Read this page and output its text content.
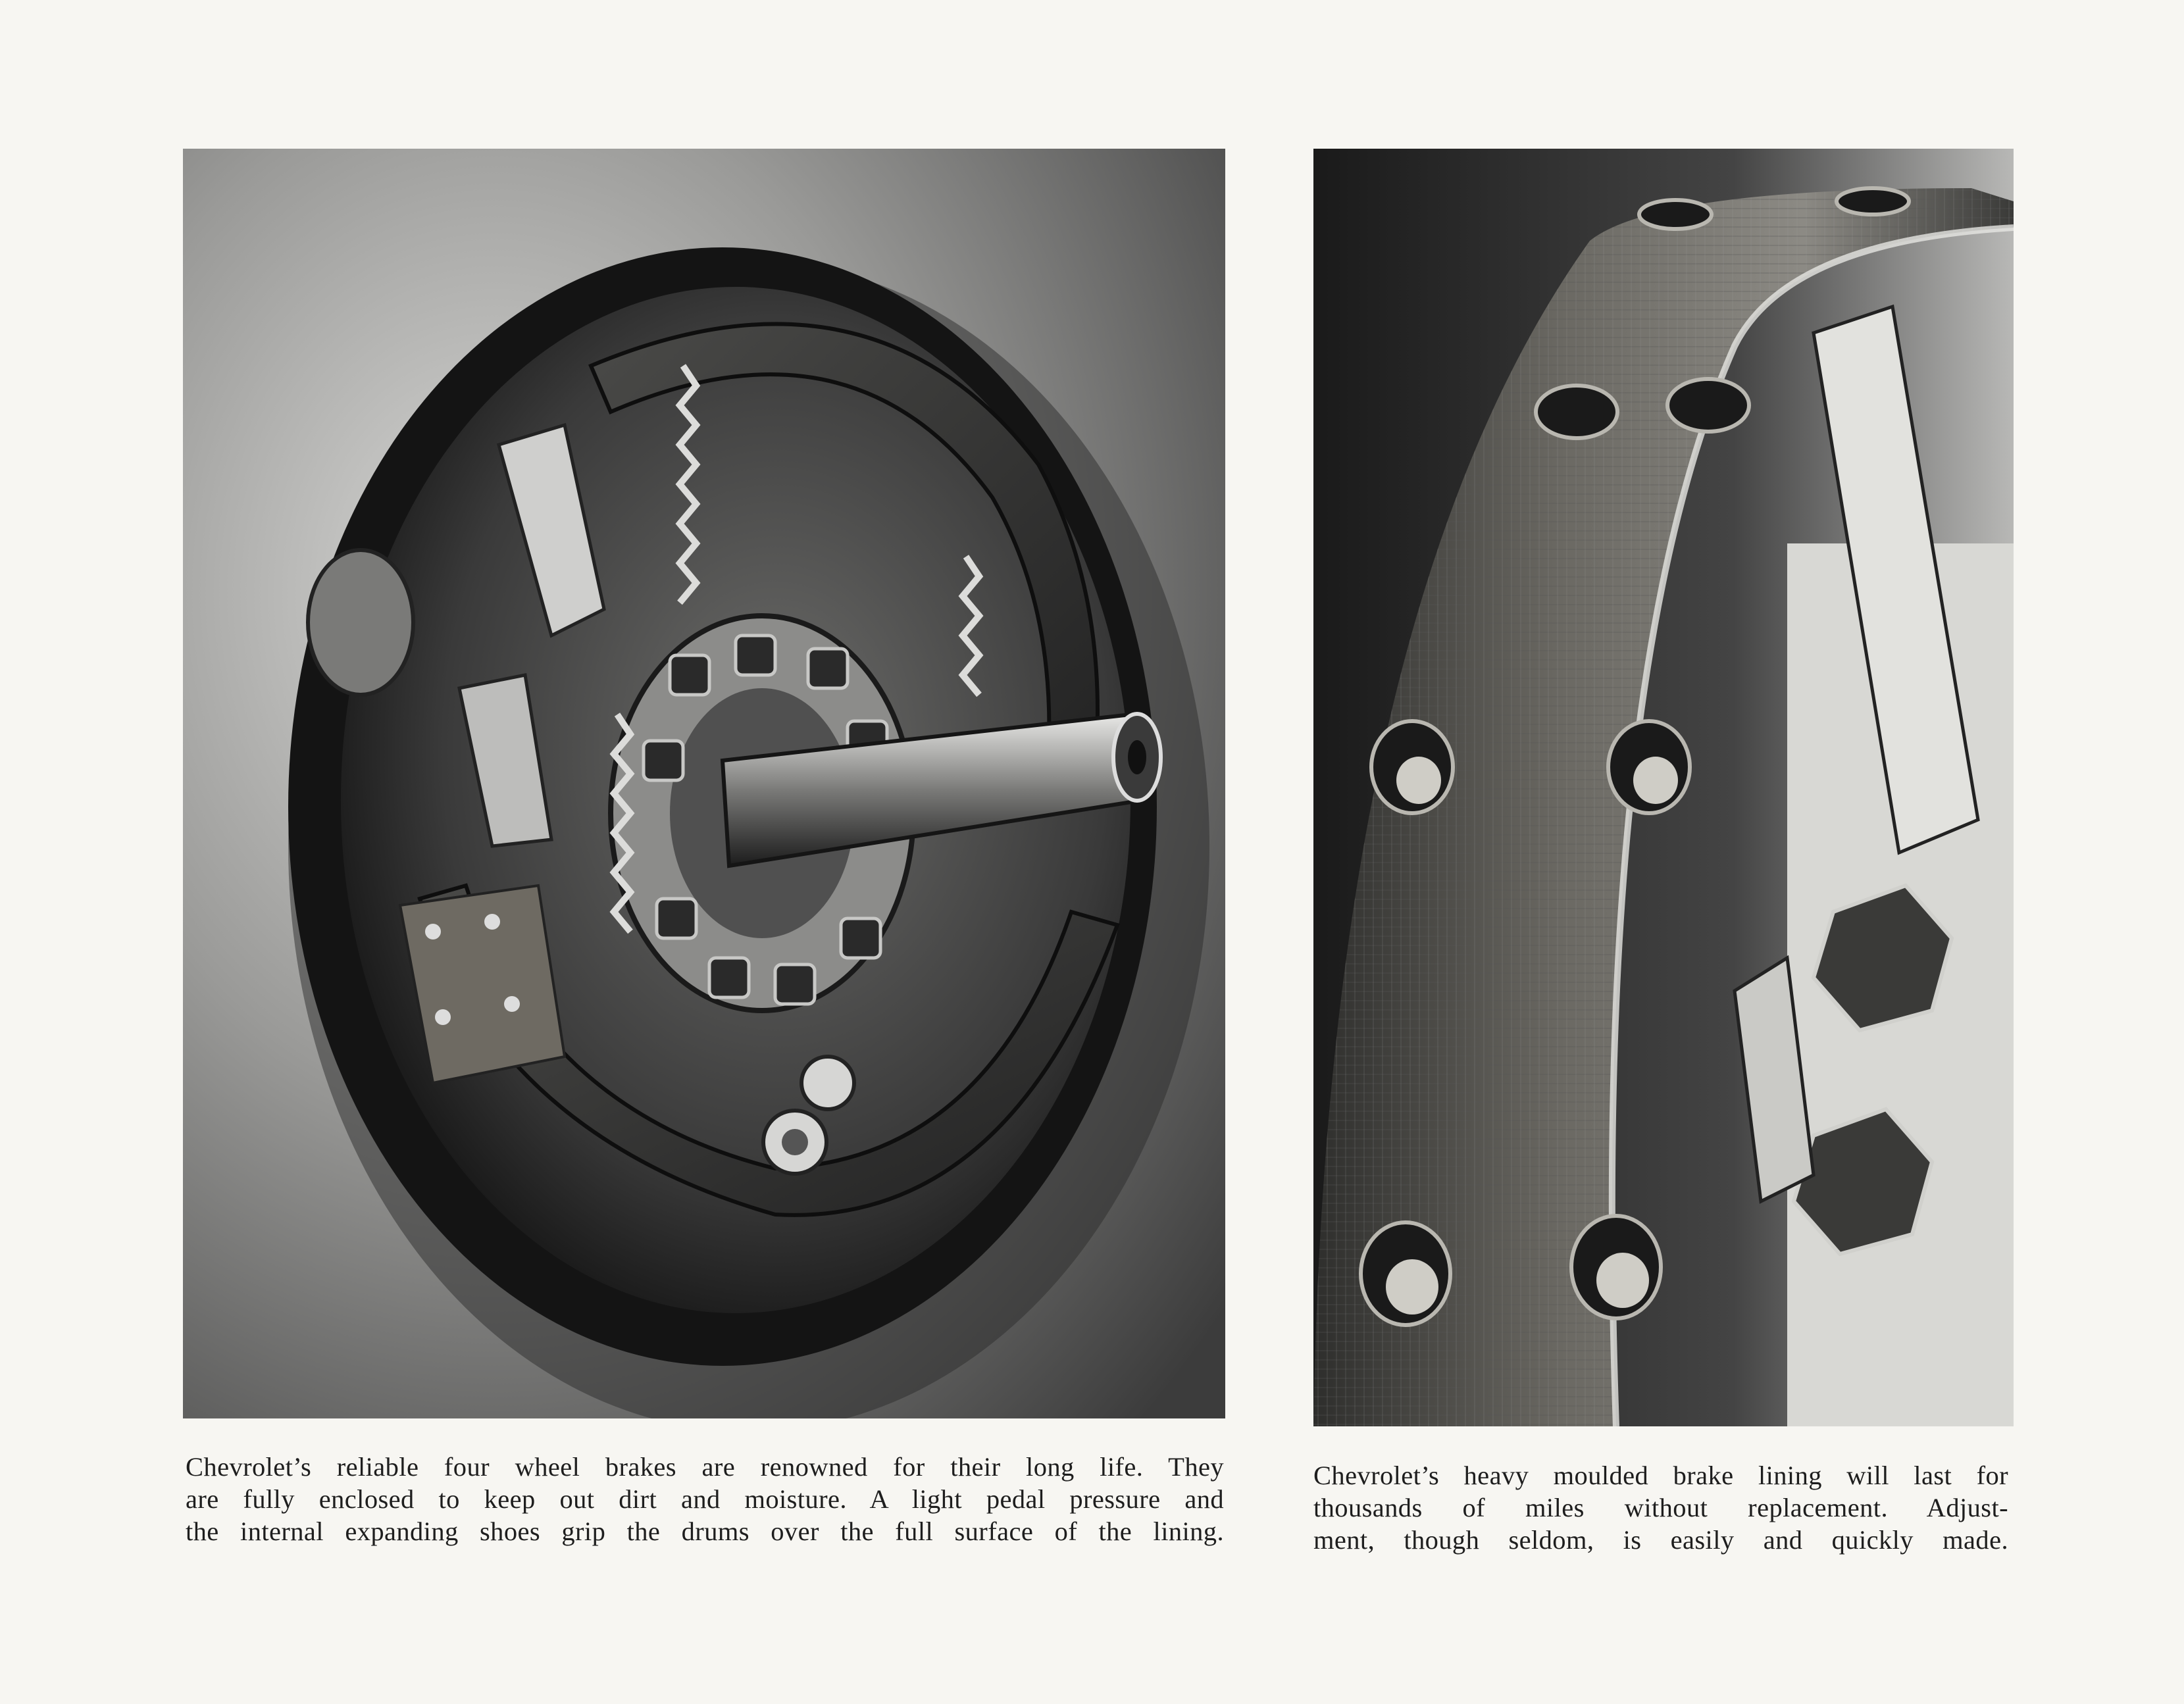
Chevrolet’s reliable four wheel brakes are renowned for their long life. They
are fully enclosed to keep out dirt and moisture. A light pedal pressure and
the internal expanding shoes grip the drums over the full surface of the lining.
Chevrolet’s heavy moulded brake lining will last for
thousands of miles without replacement. Adjust-
ment, though seldom, is easily and quickly made.
